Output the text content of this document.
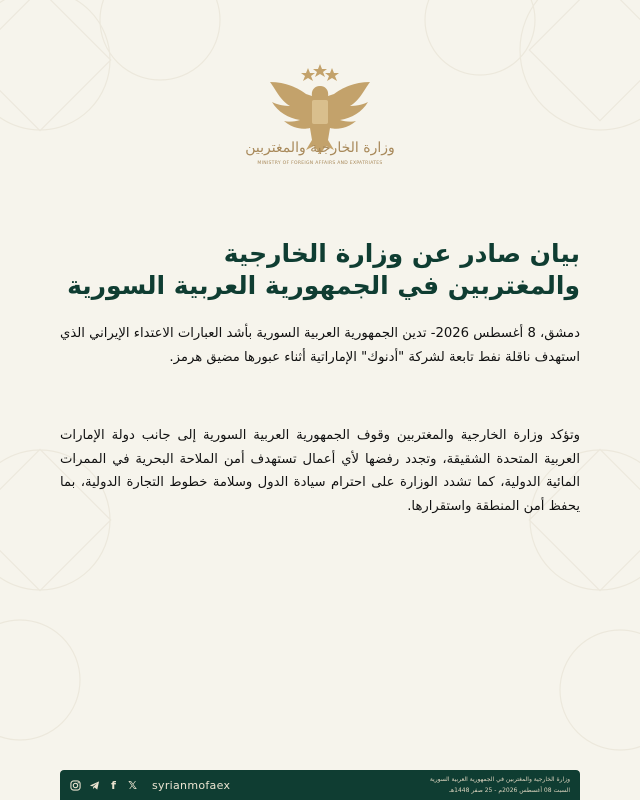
وزارة الخارجية والمغتربين
MINISTRY OF FOREIGN AFFAIRS AND EXPATRIATES
بيان صادر عن وزارة الخارجية
والمغتربين في الجمهورية العربية السورية
دمشق، 8 أغسطس 2026- تدين الجمهورية العربية السورية بأشد العبارات الاعتداء الإيراني الذي استهدف ناقلة نفط تابعة لشركة "أدنوك" الإماراتية أثناء عبورها مضيق هرمز.
وتؤكد وزارة الخارجية والمغتربين وقوف الجمهورية العربية السورية إلى جانب دولة الإمارات العربية المتحدة الشقيقة، وتجدد رفضها لأي أعمال تستهدف أمن الملاحة البحرية في الممرات المائية الدولية، كما تشدد الوزارة على احترام سيادة الدول وسلامة خطوط التجارة الدولية، بما يحفظ أمن المنطقة واستقرارها.
f 𝕏 syrianmofaex	وزارة الخارجية والمغتربين في الجمهورية العربية السورية
السبت 08 أغسطس 2026م - 25 صفر 1448هـ
